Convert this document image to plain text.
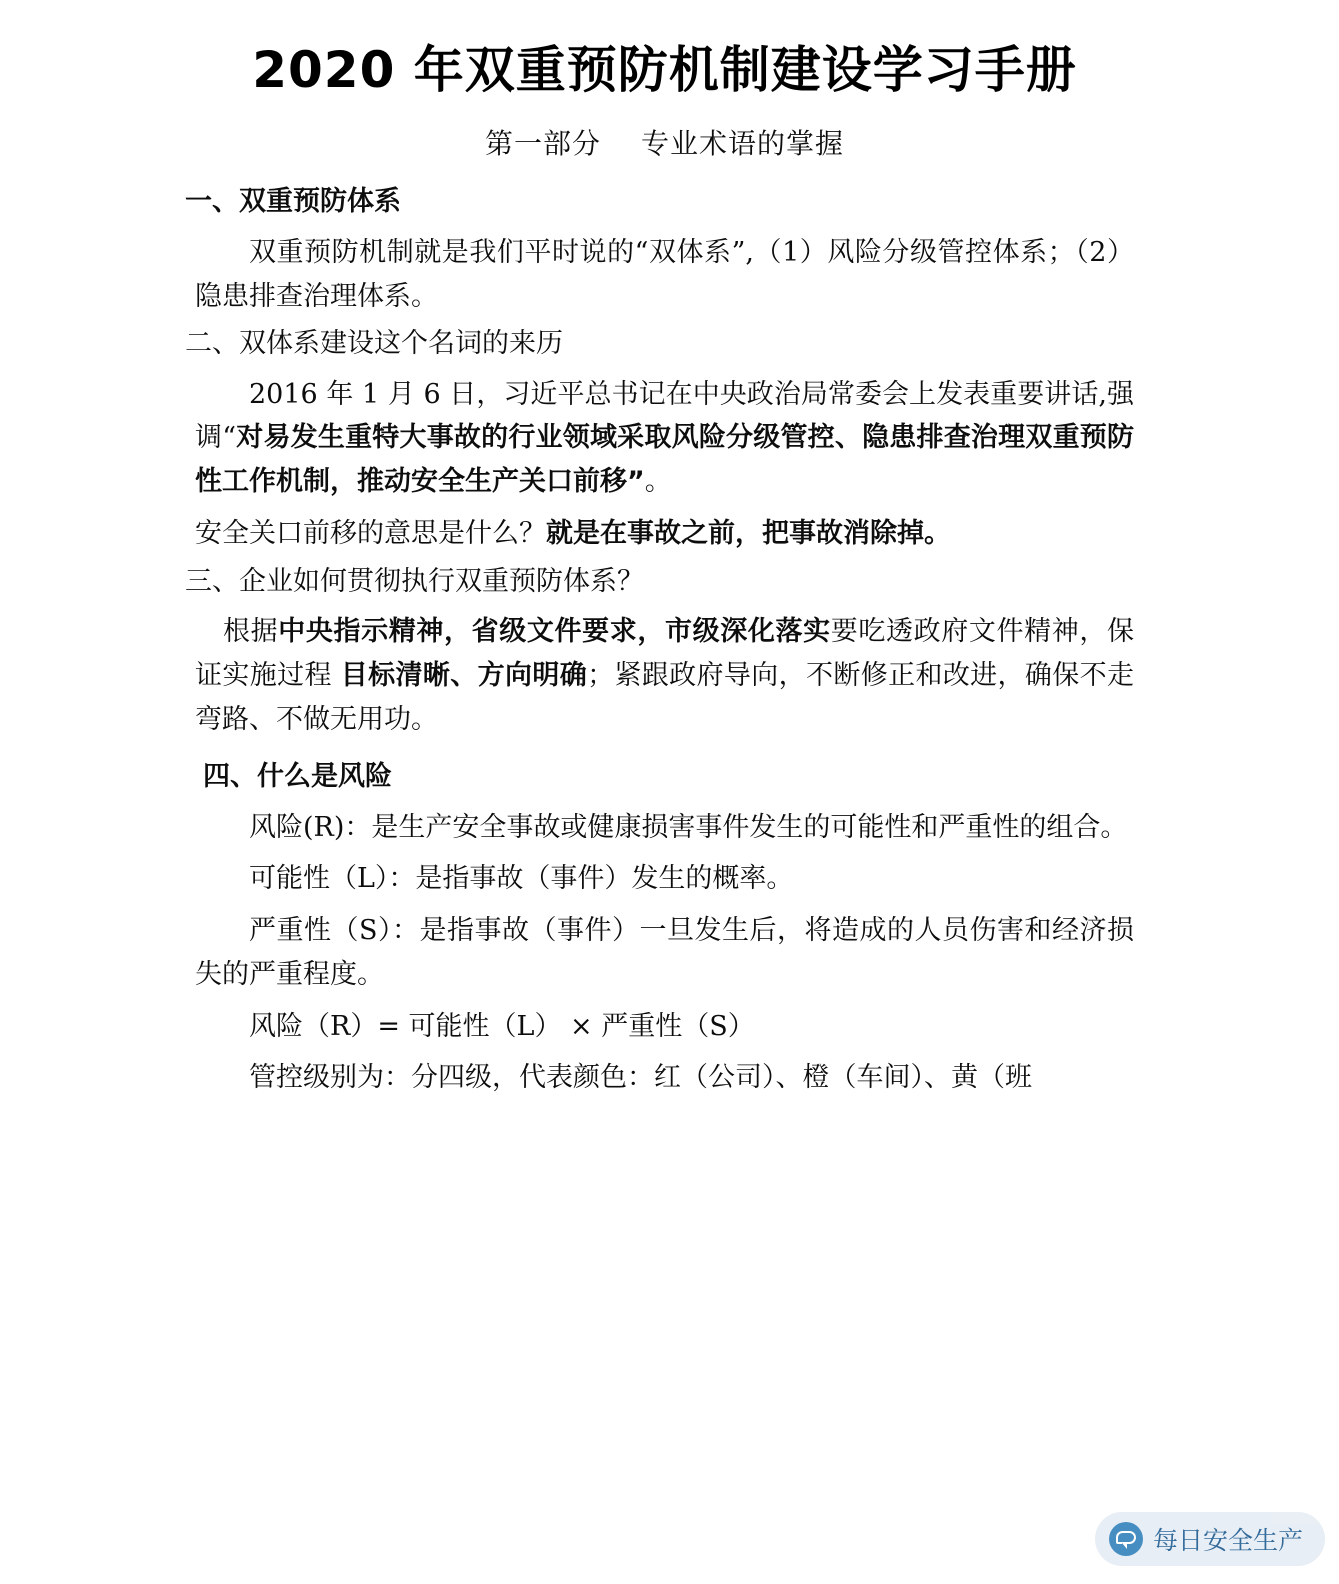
2020 年双重预防机制建设学习手册
第一部分 专业术语的掌握
一、双重预防体系

双重预防机制就是我们平时说的“双体系”,（1）风险分级管控体系；（2）隐患排查治理体系。

二、双体系建设这个名词的来历

2016 年 1 月 6 日，习近平总书记在中央政治局常委会上发表重要讲话,强调“对易发生重特大事故的行业领域采取风险分级管控、隐患排查治理双重预防性工作机制，推动安全生产关口前移”。

安全关口前移的意思是什么？就是在事故之前，把事故消除掉。

三、企业如何贯彻执行双重预防体系？

根据中央指示精神，省级文件要求，市级深化落实要吃透政府文件精神，保证实施过程 目标清晰、方向明确；紧跟政府导向，不断修正和改进，确保不走弯路、不做无用功。

四、什么是风险

风险(R)：是生产安全事故或健康损害事件发生的可能性和严重性的组合。

可能性（L）：是指事故（事件）发生的概率。

严重性（S）：是指事故（事件）一旦发生后，将造成的人员伤害和经济损失的严重程度。

风险（R）= 可能性（L） × 严重性（S）

管控级别为：分四级，代表颜色：红（公司）、橙（车间）、黄（班

每日安全生产
